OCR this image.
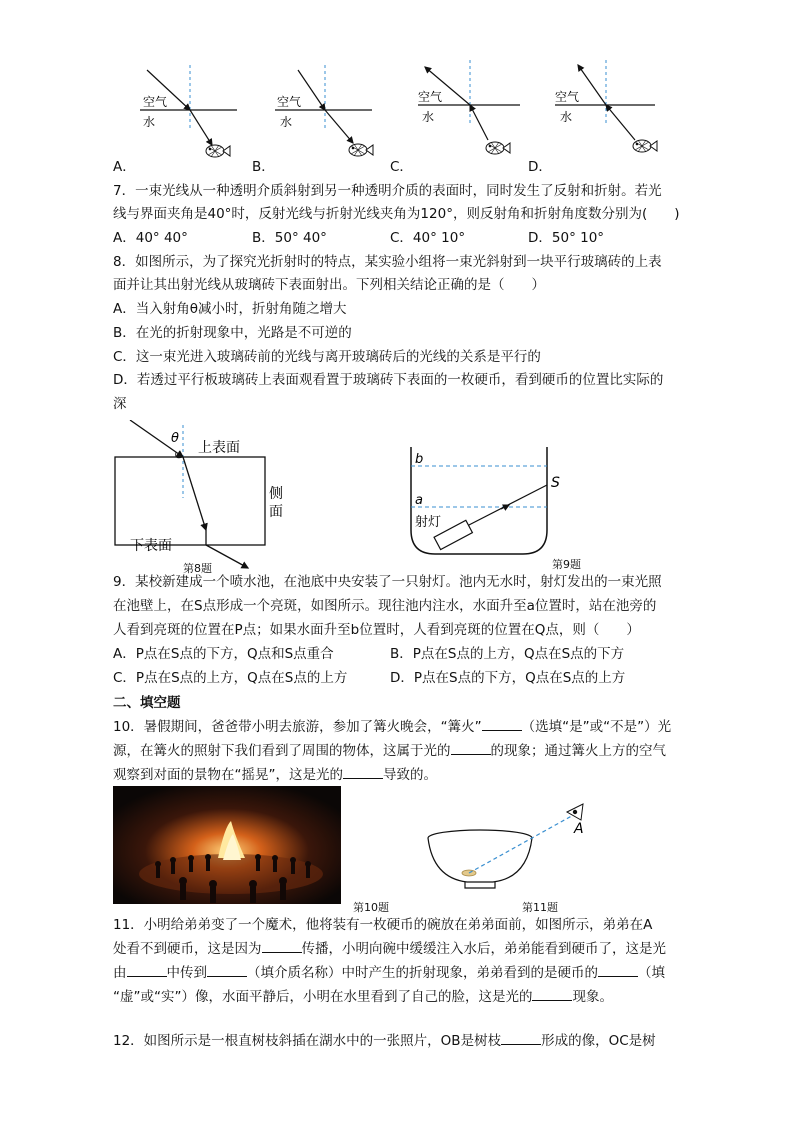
空气
水
空气
水
空气
水
空气
水
A．	B．	C．	D．
7．一束光线从一种透明介质斜射到另一种透明介质的表面时，同时发生了反射和折射。若光
线与界面夹角是40°时，反射光线与折射光线夹角为120°，则反射角和折射角度数分别为(　　)
A．40° 40°	B．50° 40°	C．40° 10°	D．50° 10°
8．如图所示，为了探究光折射时的特点，某实验小组将一束光斜射到一块平行玻璃砖的上表
面并让其出射光线从玻璃砖下表面射出。下列相关结论正确的是（　　）
A．当入射角θ减小时，折射角随之增大
B．在光的折射现象中，光路是不可逆的
C．这一束光进入玻璃砖前的光线与离开玻璃砖后的光线的关系是平行的
D．若透过平行板玻璃砖上表面观看置于玻璃砖下表面的一枚硬币，看到硬币的位置比实际的
深
θ
上表面
侧
面
下表面
第8题
b
a
S
射灯
第9题
9．某校新建成一个喷水池，在池底中央安装了一只射灯。池内无水时，射灯发出的一束光照
在池壁上，在S点形成一个亮斑，如图所示。现往池内注水，水面升至a位置时，站在池旁的
人看到亮斑的位置在P点；如果水面升至b位置时，人看到亮斑的位置在Q点，则（　　）
A．P点在S点的下方，Q点和S点重合	B．P点在S点的上方，Q点在S点的下方
C．P点在S点的上方，Q点在S点的上方	D．P点在S点的下方，Q点在S点的上方
二、填空题
10．暑假期间，爸爸带小明去旅游，参加了篝火晚会，“篝火”	（选填“是”或“不是”）光
源，在篝火的照射下我们看到了周围的物体，这属于光的	的现象；通过篝火上方的空气
观察到对面的景物在“摇晃”，这是光的	导致的。
第10题
A
第11题
11．小明给弟弟变了一个魔术，他将装有一枚硬币的碗放在弟弟面前，如图所示，弟弟在A
处看不到硬币，这是因为	传播，小明向碗中缓缓注入水后，弟弟能看到硬币了，这是光
由	中传到	（填介质名称）中时产生的折射现象，弟弟看到的是硬币的	（填
“虚”或“实”）像，水面平静后，小明在水里看到了自己的脸，这是光的	现象。
12．如图所示是一根直树枝斜插在湖水中的一张照片，OB是树枝	形成的像，OC是树
